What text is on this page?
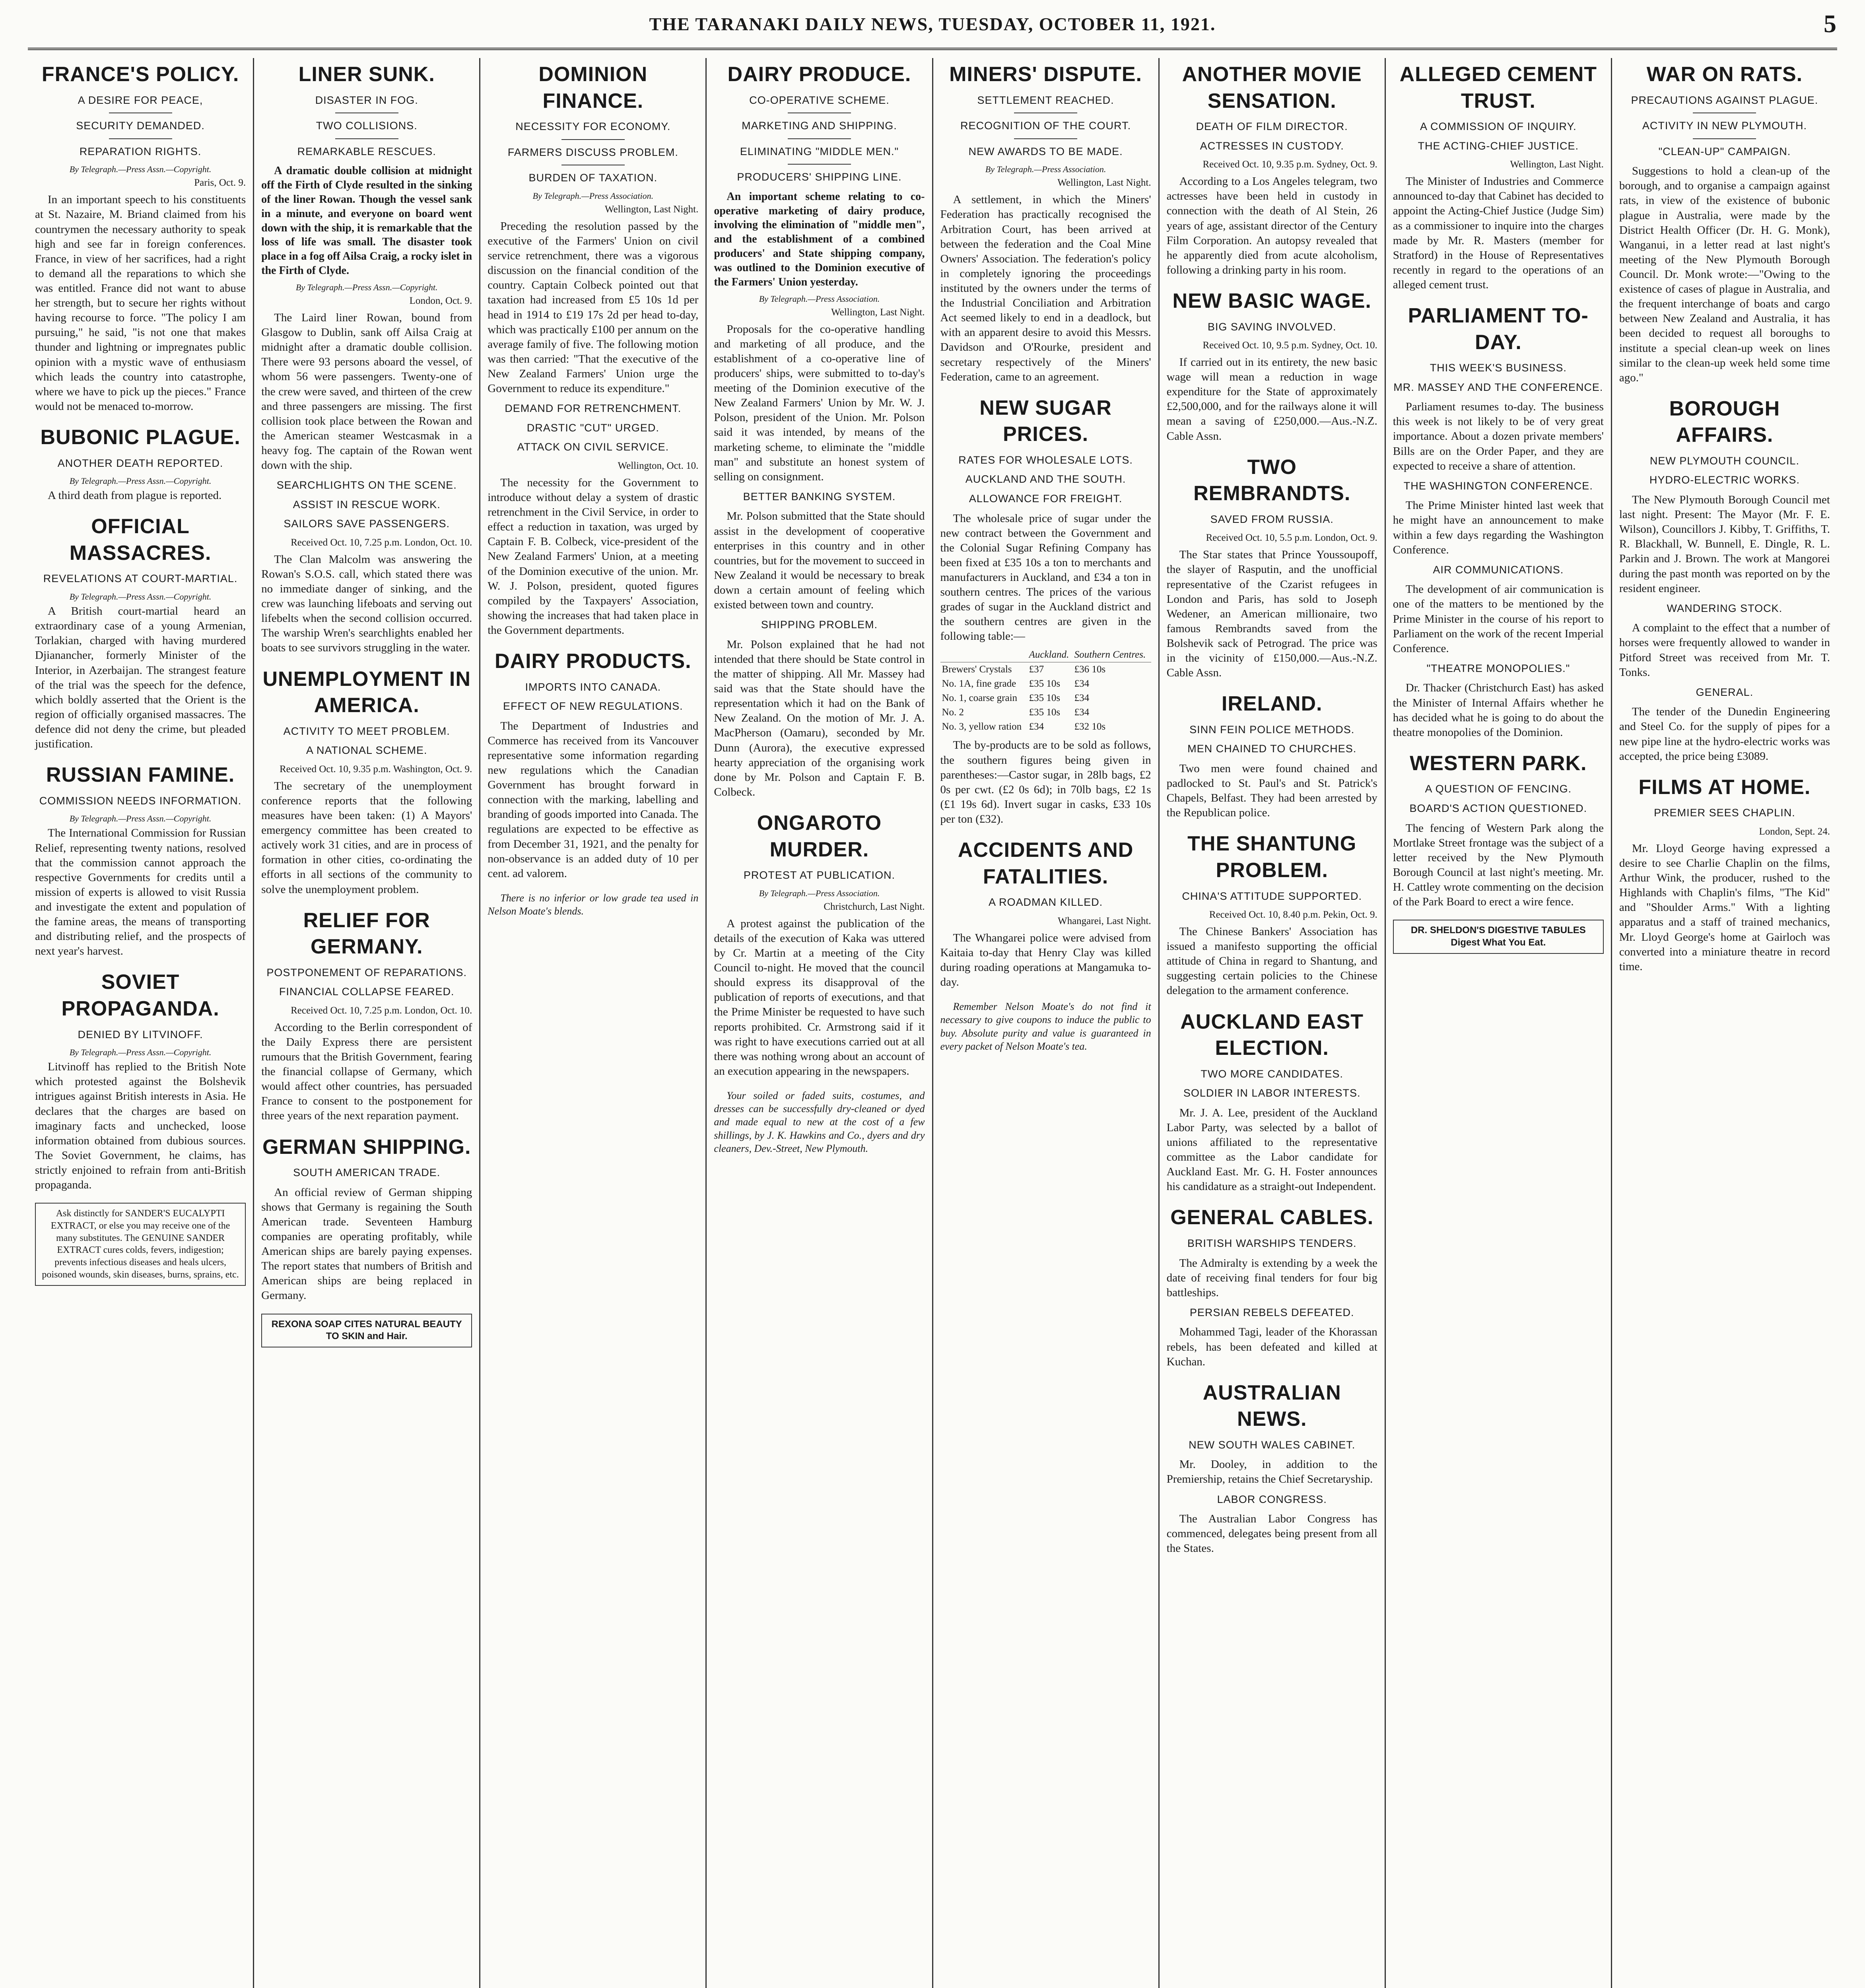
THE TARANAKI DAILY NEWS, TUESDAY, OCTOBER 11, 1921.	5
FRANCE'S POLICY.
A DESIRE FOR PEACE,
SECURITY DEMANDED.
REPARATION RIGHTS.
By Telegraph.—Press Assn.—Copyright.
Paris, Oct. 9.

In an important speech to his constituents at St. Nazaire, M. Briand claimed from his countrymen the necessary authority to speak high and see far in foreign conferences. France, in view of her sacrifices, had a right to demand all the reparations to which she was entitled. France did not want to abuse her strength, but to secure her rights without having recourse to force. "The policy I am pursuing," he said, "is not one that makes thunder and lightning or impregnates public opinion with a mystic wave of enthusiasm which leads the country into catastrophe, where we have to pick up the pieces." France would not be menaced to-morrow.

BUBONIC PLAGUE.
ANOTHER DEATH REPORTED.
By Telegraph.—Press Assn.—Copyright.

A third death from plague is reported.

OFFICIAL MASSACRES.
REVELATIONS AT COURT-MARTIAL.
By Telegraph.—Press Assn.—Copyright.

A British court-martial heard an extraordinary case of a young Armenian, Torlakian, charged with having murdered Djianancher, formerly Minister of the Interior, in Azerbaijan. The strangest feature of the trial was the speech for the defence, which boldly asserted that the Orient is the region of officially organised massacres. The defence did not deny the crime, but pleaded justification.

RUSSIAN FAMINE.
COMMISSION NEEDS INFORMATION.
By Telegraph.—Press Assn.—Copyright.

The International Commission for Russian Relief, representing twenty nations, resolved that the commission cannot approach the respective Governments for credits until a mission of experts is allowed to visit Russia and investigate the extent and population of the famine areas, the means of transporting and distributing relief, and the prospects of next year's harvest.

SOVIET PROPAGANDA.
DENIED BY LITVINOFF.
By Telegraph.—Press Assn.—Copyright.

Litvinoff has replied to the British Note which protested against the Bolshevik intrigues against British interests in Asia. He declares that the charges are based on imaginary facts and unchecked, loose information obtained from dubious sources. The Soviet Government, he claims, has strictly enjoined to refrain from anti-British propaganda.

Ask distinctly for SANDER'S EUCALYPTI EXTRACT, or else you may receive one of the many substitutes. The GENUINE SANDER EXTRACT cures colds, fevers, indigestion; prevents infectious diseases and heals ulcers, poisoned wounds, skin diseases, burns, sprains, etc.
LINER SUNK.
DISASTER IN FOG.
TWO COLLISIONS.
REMARKABLE RESCUES.

A dramatic double collision at midnight off the Firth of Clyde resulted in the sinking of the liner Rowan. Though the vessel sank in a minute, and everyone on board went down with the ship, it is remarkable that the loss of life was small. The disaster took place in a fog off Ailsa Craig, a rocky islet in the Firth of Clyde.

By Telegraph.—Press Assn.—Copyright.
London, Oct. 9.

The Laird liner Rowan, bound from Glasgow to Dublin, sank off Ailsa Craig at midnight after a dramatic double collision. There were 93 persons aboard the vessel, of whom 56 were passengers. Twenty-one of the crew were saved, and thirteen of the crew and three passengers are missing. The first collision took place between the Rowan and the American steamer Westcasmak in a heavy fog. The captain of the Rowan went down with the ship.

SEARCHLIGHTS ON THE SCENE.
ASSIST IN RESCUE WORK.
SAILORS SAVE PASSENGERS.
Received Oct. 10, 7.25 p.m. London, Oct. 10.

The Clan Malcolm was answering the Rowan's S.O.S. call, which stated there was no immediate danger of sinking, and the crew was launching lifeboats and serving out lifebelts when the second collision occurred. The warship Wren's searchlights enabled her boats to see survivors struggling in the water.

UNEMPLOYMENT IN AMERICA.
ACTIVITY TO MEET PROBLEM.
A NATIONAL SCHEME.
Received Oct. 10, 9.35 p.m. Washington, Oct. 9.

The secretary of the unemployment conference reports that the following measures have been taken: (1) A Mayors' emergency committee has been created to actively work 31 cities, and are in process of formation in other cities, co-ordinating the efforts in all sections of the community to solve the unemployment problem.

RELIEF FOR GERMANY.
POSTPONEMENT OF REPARATIONS.
FINANCIAL COLLAPSE FEARED.
Received Oct. 10, 7.25 p.m. London, Oct. 10.

According to the Berlin correspondent of the Daily Express there are persistent rumours that the British Government, fearing the financial collapse of Germany, which would affect other countries, has persuaded France to consent to the postponement for three years of the next reparation payment.

GERMAN SHIPPING.
SOUTH AMERICAN TRADE.

An official review of German shipping shows that Germany is regaining the South American trade. Seventeen Hamburg companies are operating profitably, while American ships are barely paying expenses. The report states that numbers of British and American ships are being replaced in Germany.

REXONA SOAP CITES NATURAL BEAUTY TO SKIN and Hair.
DOMINION FINANCE.
NECESSITY FOR ECONOMY.
FARMERS DISCUSS PROBLEM.
BURDEN OF TAXATION.
By Telegraph.—Press Association.
Wellington, Last Night.

Preceding the resolution passed by the executive of the Farmers' Union on civil service retrenchment, there was a vigorous discussion on the financial condition of the country. Captain Colbeck pointed out that taxation had increased from £5 10s 1d per head in 1914 to £19 17s 2d per head to-day, which was practically £100 per annum on the average family of five. The following motion was then carried: "That the executive of the New Zealand Farmers' Union urge the Government to reduce its expenditure."

DEMAND FOR RETRENCHMENT.
DRASTIC "CUT" URGED.
ATTACK ON CIVIL SERVICE.
Wellington, Oct. 10.

The necessity for the Government to introduce without delay a system of drastic retrenchment in the Civil Service, in order to effect a reduction in taxation, was urged by Captain F. B. Colbeck, vice-president of the New Zealand Farmers' Union, at a meeting of the Dominion executive of the union. Mr. W. J. Polson, president, quoted figures compiled by the Taxpayers' Association, showing the increases that had taken place in the Government departments.

DAIRY PRODUCTS.
IMPORTS INTO CANADA.
EFFECT OF NEW REGULATIONS.

The Department of Industries and Commerce has received from its Vancouver representative some information regarding new regulations which the Canadian Government has brought forward in connection with the marking, labelling and branding of goods imported into Canada. The regulations are expected to be effective as from December 31, 1921, and the penalty for non-observance is an added duty of 10 per cent. ad valorem.

There is no inferior or low grade tea used in Nelson Moate's blends.

DAIRY PRODUCE.
CO-OPERATIVE SCHEME.
MARKETING AND SHIPPING.
ELIMINATING "MIDDLE MEN."
PRODUCERS' SHIPPING LINE.

An important scheme relating to co-operative marketing of dairy produce, involving the elimination of "middle men", and the establishment of a combined producers' and State shipping company, was outlined to the Dominion executive of the Farmers' Union yesterday.

By Telegraph.—Press Association.
Wellington, Last Night.

Proposals for the co-operative handling and marketing of all produce, and the establishment of a co-operative line of producers' ships, were submitted to to-day's meeting of the Dominion executive of the New Zealand Farmers' Union by Mr. W. J. Polson, president of the Union. Mr. Polson said it was intended, by means of the marketing scheme, to eliminate the "middle man" and substitute an honest system of selling on consignment.

BETTER BANKING SYSTEM.

Mr. Polson submitted that the State should assist in the development of cooperative enterprises in this country and in other countries, but for the movement to succeed in New Zealand it would be necessary to break down a certain amount of feeling which existed between town and country.

SHIPPING PROBLEM.

Mr. Polson explained that he had not intended that there should be State control in the matter of shipping. All Mr. Massey had said was that the State should have the representation which it had on the Bank of New Zealand. On the motion of Mr. J. A. MacPherson (Oamaru), seconded by Mr. Dunn (Aurora), the executive expressed hearty appreciation of the organising work done by Mr. Polson and Captain F. B. Colbeck.

ONGAROTO MURDER.
PROTEST AT PUBLICATION.
By Telegraph.—Press Association.
Christchurch, Last Night.

A protest against the publication of the details of the execution of Kaka was uttered by Cr. Martin at a meeting of the City Council to-night. He moved that the council should express its disapproval of the publication of reports of executions, and that the Prime Minister be requested to have such reports prohibited. Cr. Armstrong said if it was right to have executions carried out at all there was nothing wrong about an account of an execution appearing in the newspapers.

Your soiled or faded suits, costumes, and dresses can be successfully dry-cleaned or dyed and made equal to new at the cost of a few shillings, by J. K. Hawkins and Co., dyers and dry cleaners, Dev.-Street, New Plymouth.

MINERS' DISPUTE.
SETTLEMENT REACHED.
RECOGNITION OF THE COURT.
NEW AWARDS TO BE MADE.
By Telegraph.—Press Association.
Wellington, Last Night.

A settlement, in which the Miners' Federation has practically recognised the Arbitration Court, has been arrived at between the federation and the Coal Mine Owners' Association. The federation's policy in completely ignoring the proceedings instituted by the owners under the terms of the Industrial Conciliation and Arbitration Act seemed likely to end in a deadlock, but with an apparent desire to avoid this Messrs. Davidson and O'Rourke, president and secretary respectively of the Miners' Federation, came to an agreement.

NEW SUGAR PRICES.
RATES FOR WHOLESALE LOTS.
AUCKLAND AND THE SOUTH.
ALLOWANCE FOR FREIGHT.

The wholesale price of sugar under the new contract between the Government and the Colonial Sugar Refining Company has been fixed at £35 10s a ton to merchants and manufacturers in Auckland, and £34 a ton in southern centres. The prices of the various grades of sugar in the Auckland district and the southern centres are given in the following table:—

	Auckland.	Southern Centres.
Brewers' Crystals	£37	£36 10s
No. 1A, fine grade	£35 10s	£34
No. 1, coarse grain	£35 10s	£34
No. 2	£35 10s	£34
No. 3, yellow ration	£34	£32 10s

The by-products are to be sold as follows, the southern figures being given in parentheses:—Castor sugar, in 28lb bags, £2 0s per cwt. (£2 0s 6d); in 70lb bags, £2 1s (£1 19s 6d). Invert sugar in casks, £33 10s per ton (£32).

ACCIDENTS AND FATALITIES.
A ROADMAN KILLED.
Whangarei, Last Night.

The Whangarei police were advised from Kaitaia to-day that Henry Clay was killed during roading operations at Mangamuka to-day.

Remember Nelson Moate's do not find it necessary to give coupons to induce the public to buy. Absolute purity and value is guaranteed in every packet of Nelson Moate's tea.

ANOTHER MOVIE SENSATION.
DEATH OF FILM DIRECTOR.
ACTRESSES IN CUSTODY.
Received Oct. 10, 9.35 p.m. Sydney, Oct. 9.

According to a Los Angeles telegram, two actresses have been held in custody in connection with the death of Al Stein, 26 years of age, assistant director of the Century Film Corporation. An autopsy revealed that he apparently died from acute alcoholism, following a drinking party in his room.

NEW BASIC WAGE.
BIG SAVING INVOLVED.
Received Oct. 10, 9.5 p.m. Sydney, Oct. 10.

If carried out in its entirety, the new basic wage will mean a reduction in wage expenditure for the State of approximately £2,500,000, and for the railways alone it will mean a saving of £250,000.—Aus.-N.Z. Cable Assn.

TWO REMBRANDTS.
SAVED FROM RUSSIA.
Received Oct. 10, 5.5 p.m. London, Oct. 9.

The Star states that Prince Youssoupoff, the slayer of Rasputin, and the unofficial representative of the Czarist refugees in London and Paris, has sold to Joseph Wedener, an American millionaire, two famous Rembrandts saved from the Bolshevik sack of Petrograd. The price was in the vicinity of £150,000.—Aus.-N.Z. Cable Assn.

IRELAND.
SINN FEIN POLICE METHODS.
MEN CHAINED TO CHURCHES.

Two men were found chained and padlocked to St. Paul's and St. Patrick's Chapels, Belfast. They had been arrested by the Republican police.

THE SHANTUNG PROBLEM.
CHINA'S ATTITUDE SUPPORTED.
Received Oct. 10, 8.40 p.m. Pekin, Oct. 9.

The Chinese Bankers' Association has issued a manifesto supporting the official attitude of China in regard to Shantung, and suggesting certain policies to the Chinese delegation to the armament conference.

AUCKLAND EAST ELECTION.
TWO MORE CANDIDATES.
SOLDIER IN LABOR INTERESTS.

Mr. J. A. Lee, president of the Auckland Labor Party, was selected by a ballot of unions affiliated to the representative committee as the Labor candidate for Auckland East. Mr. G. H. Foster announces his candidature as a straight-out Independent.

GENERAL CABLES.
BRITISH WARSHIPS TENDERS.

The Admiralty is extending by a week the date of receiving final tenders for four big battleships.

PERSIAN REBELS DEFEATED.

Mohammed Tagi, leader of the Khorassan rebels, has been defeated and killed at Kuchan.

AUSTRALIAN NEWS.
NEW SOUTH WALES CABINET.

Mr. Dooley, in addition to the Premiership, retains the Chief Secretaryship.

LABOR CONGRESS.

The Australian Labor Congress has commenced, delegates being present from all the States.

ALLEGED CEMENT TRUST.
A COMMISSION OF INQUIRY.
THE ACTING-CHIEF JUSTICE.
Wellington, Last Night.

The Minister of Industries and Commerce announced to-day that Cabinet has decided to appoint the Acting-Chief Justice (Judge Sim) as a commissioner to inquire into the charges made by Mr. R. Masters (member for Stratford) in the House of Representatives recently in regard to the operations of an alleged cement trust.

PARLIAMENT TO-DAY.
THIS WEEK'S BUSINESS.
MR. MASSEY AND THE CONFERENCE.

Parliament resumes to-day. The business this week is not likely to be of very great importance. About a dozen private members' Bills are on the Order Paper, and they are expected to receive a share of attention.

THE WASHINGTON CONFERENCE.

The Prime Minister hinted last week that he might have an announcement to make within a few days regarding the Washington Conference.

AIR COMMUNICATIONS.

The development of air communication is one of the matters to be mentioned by the Prime Minister in the course of his report to Parliament on the work of the recent Imperial Conference.

"THEATRE MONOPOLIES."

Dr. Thacker (Christchurch East) has asked the Minister of Internal Affairs whether he has decided what he is going to do about the theatre monopolies of the Dominion.

WESTERN PARK.
A QUESTION OF FENCING.
BOARD'S ACTION QUESTIONED.

The fencing of Western Park along the Mortlake Street frontage was the subject of a letter received by the New Plymouth Borough Council at last night's meeting. Mr. H. Cattley wrote commenting on the decision of the Park Board to erect a wire fence.

DR. SHELDON'S DIGESTIVE TABULES Digest What You Eat.
WAR ON RATS.
PRECAUTIONS AGAINST PLAGUE.
ACTIVITY IN NEW PLYMOUTH.
"CLEAN-UP" CAMPAIGN.

Suggestions to hold a clean-up of the borough, and to organise a campaign against rats, in view of the existence of bubonic plague in Australia, were made by the District Health Officer (Dr. H. G. Monk), Wanganui, in a letter read at last night's meeting of the New Plymouth Borough Council. Dr. Monk wrote:—"Owing to the existence of cases of plague in Australia, and the frequent interchange of boats and cargo between New Zealand and Australia, it has been decided to request all boroughs to institute a special clean-up week on lines similar to the clean-up week held some time ago."

BOROUGH AFFAIRS.
NEW PLYMOUTH COUNCIL.
HYDRO-ELECTRIC WORKS.

The New Plymouth Borough Council met last night. Present: The Mayor (Mr. F. E. Wilson), Councillors J. Kibby, T. Griffiths, T. R. Blackhall, W. Bunnell, E. Dingle, R. L. Parkin and J. Brown. The work at Mangorei during the past month was reported on by the resident engineer.

WANDERING STOCK.

A complaint to the effect that a number of horses were frequently allowed to wander in Pitford Street was received from Mr. T. Tonks.

GENERAL.

The tender of the Dunedin Engineering and Steel Co. for the supply of pipes for a new pipe line at the hydro-electric works was accepted, the price being £3089.

FILMS AT HOME.
PREMIER SEES CHAPLIN.
London, Sept. 24.

Mr. Lloyd George having expressed a desire to see Charlie Chaplin on the films, Arthur Wink, the producer, rushed to the Highlands with Chaplin's films, "The Kid" and "Shoulder Arms." With a lighting apparatus and a staff of trained mechanics, Mr. Lloyd George's home at Gairloch was converted into a miniature theatre in record time.
